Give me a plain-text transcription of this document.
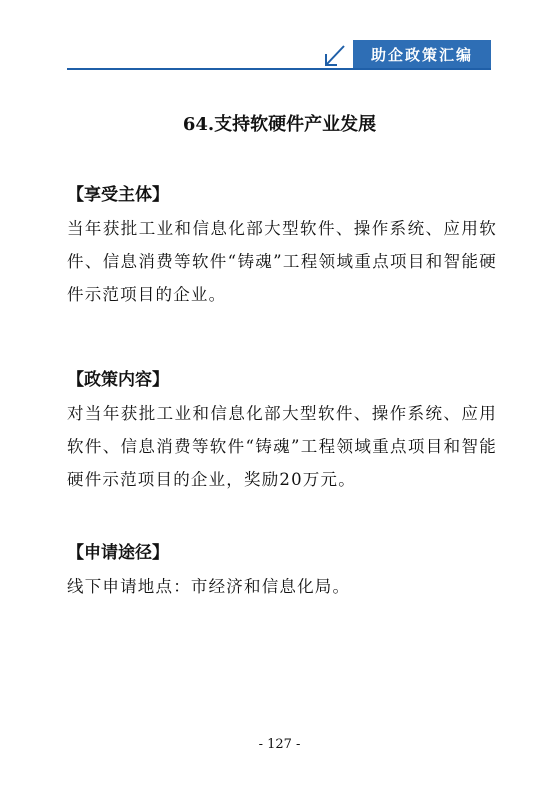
助企政策汇编
64.支持软硬件产业发展
【享受主体】
当年获批工业和信息化部大型软件、操作系统、应用软件、信息消费等软件“铸魂”工程领域重点项目和智能硬件示范项目的企业。
【政策内容】
对当年获批工业和信息化部大型软件、操作系统、应用软件、信息消费等软件“铸魂”工程领域重点项目和智能硬件示范项目的企业，奖励20万元。
【申请途径】
线下申请地点：市经济和信息化局。
- 127 -
